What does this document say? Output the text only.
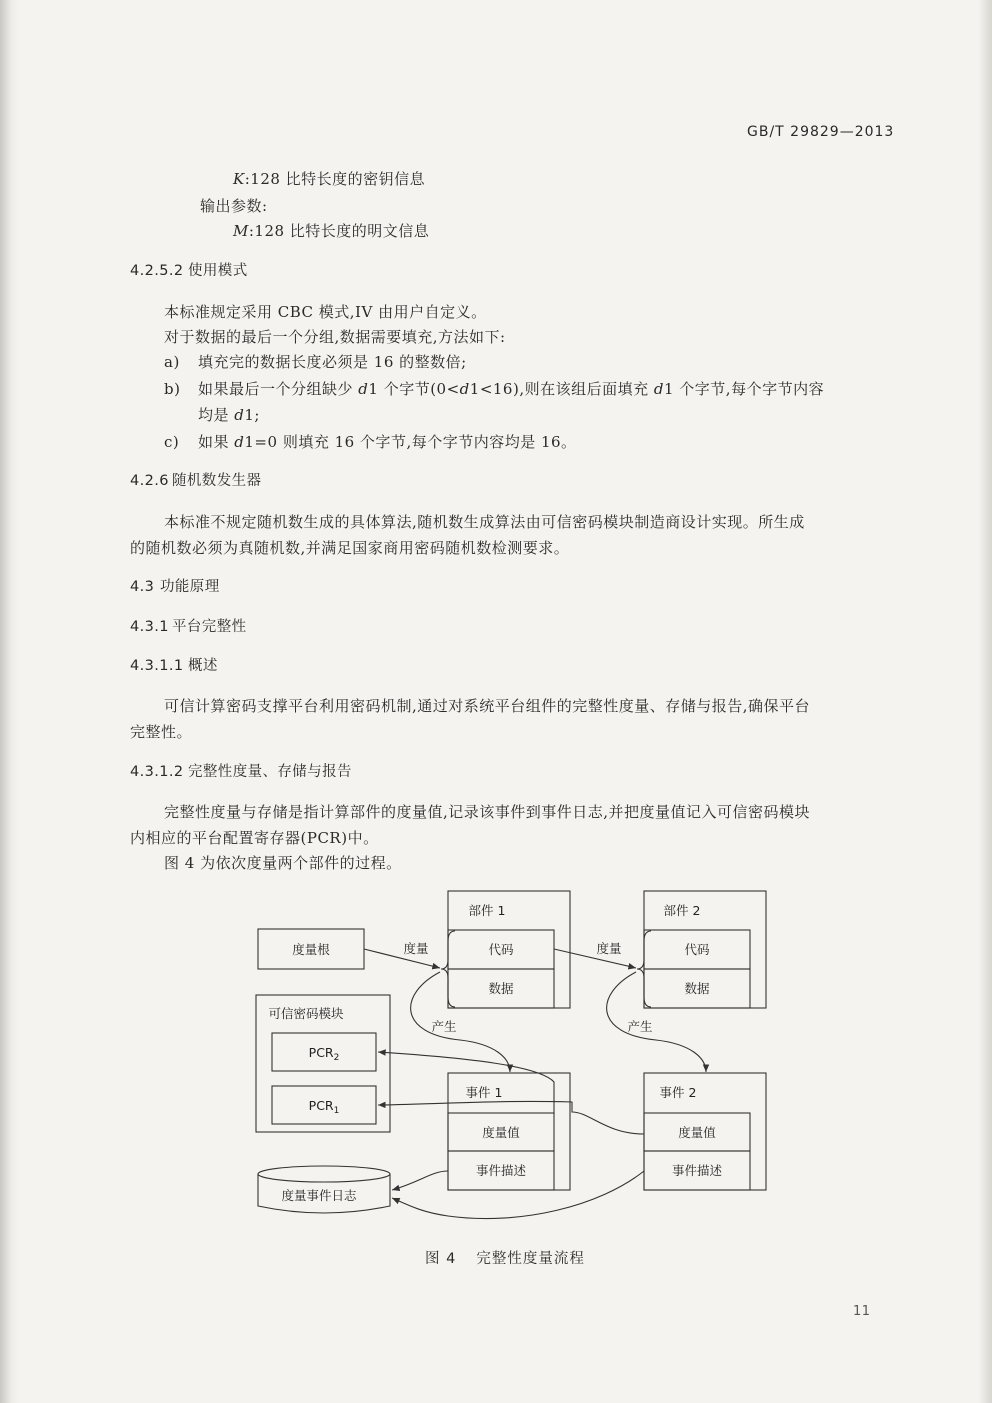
GB/T 29829—2013
K:128 比特长度的密钥信息
输出参数:
M:128 比特长度的明文信息
4.2.5.2 使用模式
本标准规定采用 CBC 模式,IV 由用户自定义。
对于数据的最后一个分组,数据需要填充,方法如下:
a) 填充完的数据长度必须是 16 的整数倍;
b) 如果最后一个分组缺少 d1 个字节(0<d1<16),则在该组后面填充 d1 个字节,每个字节内容
均是 d1;
c) 如果 d1=0 则填充 16 个字节,每个字节内容均是 16。
4.2.6 随机数发生器
本标准不规定随机数生成的具体算法,随机数生成算法由可信密码模块制造商设计实现。所生成
的随机数必须为真随机数,并满足国家商用密码随机数检测要求。
4.3 功能原理
4.3.1 平台完整性
4.3.1.1 概述
可信计算密码支撑平台利用密码机制,通过对系统平台组件的完整性度量、存储与报告,确保平台
完整性。
4.3.1.2 完整性度量、存储与报告
完整性度量与存储是指计算部件的度量值,记录该事件到事件日志,并把度量值记入可信密码模块
内相应的平台配置寄存器(PCR)中。
图 4 为依次度量两个部件的过程。
度量根	度量	度量
部件 1
代码
数据
部件 2
代码
数据
产生	产生
可信密码模块
$PCR_2$
$PCR_1$
事件 1
度量值
事件描述
事件 2
度量值
事件描述
度量事件日志
图 4 完整性度量流程
11
